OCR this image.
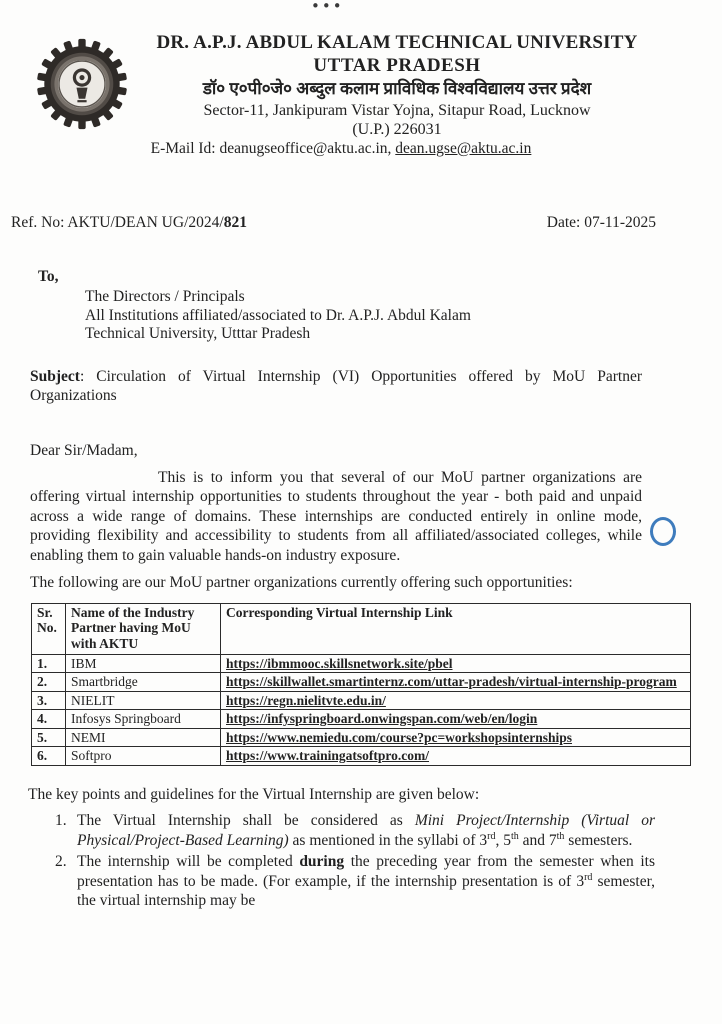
•••
DR. A.P.J. ABDUL KALAM TECHNICAL UNIVERSITY
UTTAR PRADESH
डॉ० ए०पी०जे० अब्दुल कलाम प्राविधिक विश्वविद्यालय उत्तर प्रदेश
Sector-11, Jankipuram Vistar Yojna, Sitapur Road, Lucknow
(U.P.) 226031
E-Mail Id: deanugseoffice@aktu.ac.in, dean.ugse@aktu.ac.in
Ref. No: AKTU/DEAN UG/2024/821	Date: 07-11-2025
To,
The Directors / Principals
All Institutions affiliated/associated to Dr. A.P.J. Abdul Kalam
Technical University, Utttar Pradesh
Subject: Circulation of Virtual Internship (VI) Opportunities offered by MoU Partner Organizations
Dear Sir/Madam,
This is to inform you that several of our MoU partner organizations are offering virtual internship opportunities to students throughout the year - both paid and unpaid across a wide range of domains. These internships are conducted entirely in online mode, providing flexibility and accessibility to students from all affiliated/associated colleges, while enabling them to gain valuable hands-on industry exposure.
The following are our MoU partner organizations currently offering such opportunities:
Sr. No.	Name of the Industry Partner having MoU with AKTU	Corresponding Virtual Internship Link
1.	IBM	https://ibmmooc.skillsnetwork.site/pbel
2.	Smartbridge	https://skillwallet.smartinternz.com/uttar-pradesh/virtual-internship-program
3.	NIELIT	https://regn.nielitvte.edu.in/
4.	Infosys Springboard	https://infyspringboard.onwingspan.com/web/en/login
5.	NEMI	https://www.nemiedu.com/course?pc=workshopsinternships
6.	Softpro	https://www.trainingatsoftpro.com/
The key points and guidelines for the Virtual Internship are given below:
1. The Virtual Internship shall be considered as Mini Project/Internship (Virtual or Physical/Project-Based Learning) as mentioned in the syllabi of 3rd, 5th and 7th semesters.
2. The internship will be completed during the preceding year from the semester when its presentation has to be made. (For example, if the internship presentation is of 3rd semester, the virtual internship may be
